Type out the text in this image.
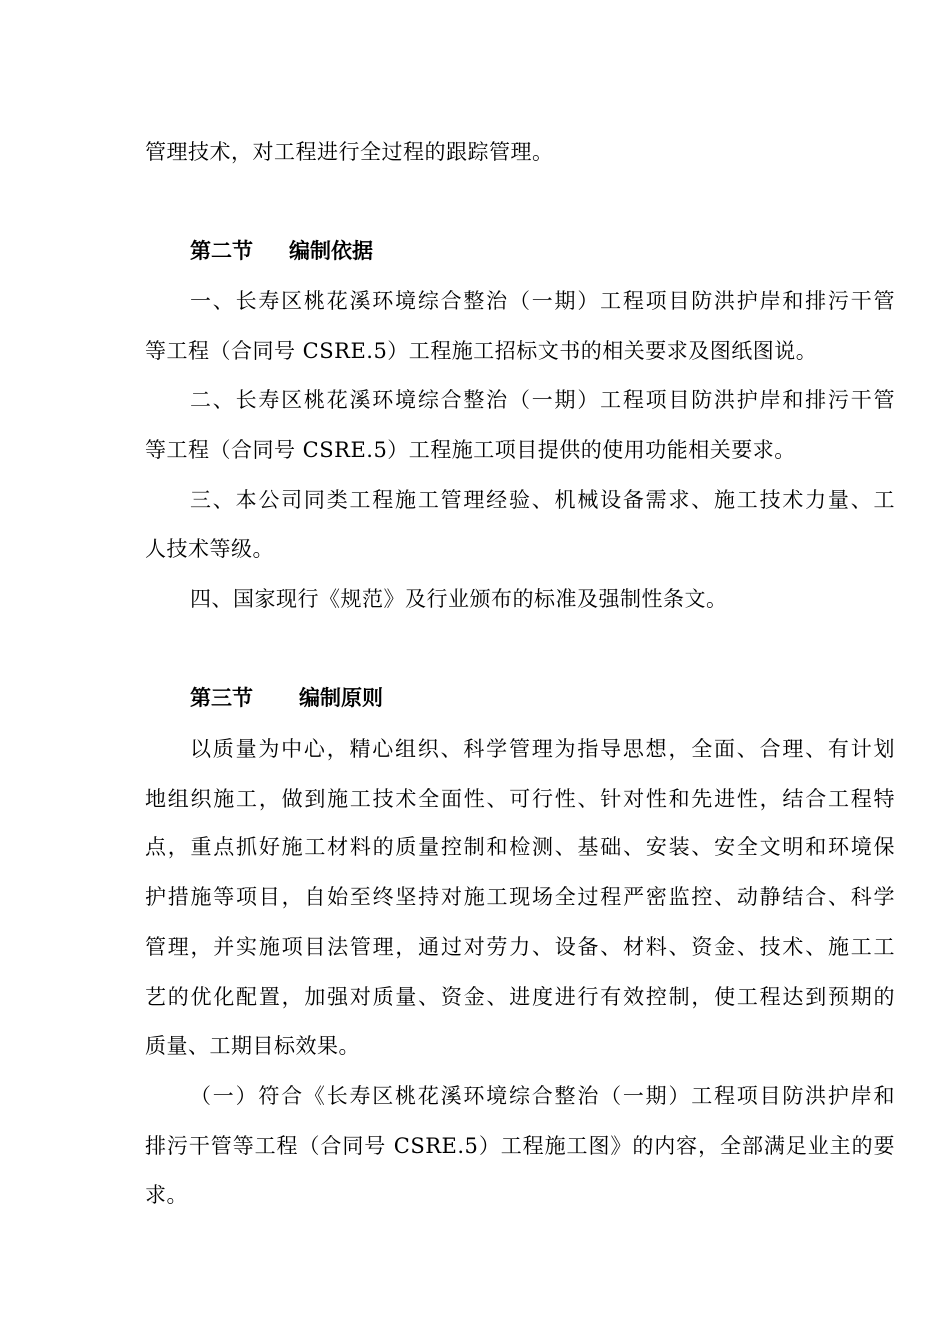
管理技术，对工程进行全过程的跟踪管理。
第二节 编制依据
一、长寿区桃花溪环境综合整治（一期）工程项目防洪护岸和排污干管
等工程（合同号 CSRE.5）工程施工招标文书的相关要求及图纸图说。
二、长寿区桃花溪环境综合整治（一期）工程项目防洪护岸和排污干管
等工程（合同号 CSRE.5）工程施工项目提供的使用功能相关要求。
三、本公司同类工程施工管理经验、机械设备需求、施工技术力量、工
人技术等级。
四、国家现行《规范》及行业颁布的标准及强制性条文。
第三节 编制原则
以质量为中心，精心组织、科学管理为指导思想，全面、合理、有计划
地组织施工，做到施工技术全面性、可行性、针对性和先进性，结合工程特
点，重点抓好施工材料的质量控制和检测、基础、安装、安全文明和环境保
护措施等项目，自始至终坚持对施工现场全过程严密监控、动静结合、科学
管理，并实施项目法管理，通过对劳力、设备、材料、资金、技术、施工工
艺的优化配置，加强对质量、资金、进度进行有效控制，使工程达到预期的
质量、工期目标效果。
（一）符合《长寿区桃花溪环境综合整治（一期）工程项目防洪护岸和
排污干管等工程（合同号 CSRE.5）工程施工图》的内容，全部满足业主的要
求。
